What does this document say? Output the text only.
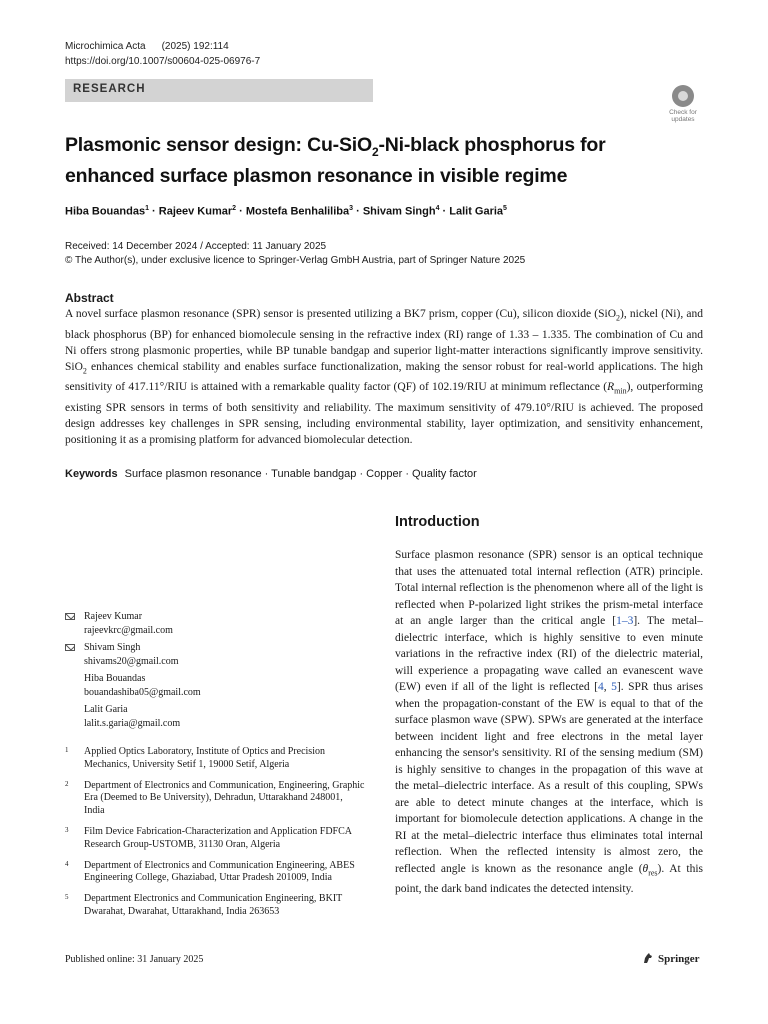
Microchimica Acta (2025) 192:114
https://doi.org/10.1007/s00604-025-06976-7
RESEARCH
Check for
updates
Plasmonic sensor design: Cu-SiO$_2$-Ni-black phosphorus for enhanced surface plasmon resonance in visible regime
Hiba Bouandas$^1$ · Rajeev Kumar$^2$ · Mostefa Benhaliliba$^3$ · Shivam Singh$^4$ · Lalit Garia$^5$
Received: 14 December 2024 / Accepted: 11 January 2025
© The Author(s), under exclusive licence to Springer-Verlag GmbH Austria, part of Springer Nature 2025
Abstract
A novel surface plasmon resonance (SPR) sensor is presented utilizing a BK7 prism, copper (Cu), silicon dioxide (SiO$_2$), nickel (Ni), and black phosphorus (BP) for enhanced biomolecule sensing in the refractive index (RI) range of 1.33 – 1.335. The combination of Cu and Ni offers strong plasmonic properties, while BP tunable bandgap and superior light-matter interactions significantly improve sensitivity. SiO$_2$ enhances chemical stability and enables surface functionalization, making the sensor robust for real-world applications. The high sensitivity of 417.11°/RIU is attained with a remarkable quality factor (QF) of 102.19/RIU at minimum reflectance $(R_{min})$, outperforming existing SPR sensors in terms of both sensitivity and reliability. The maximum sensitivity of 479.10°/RIU is achieved. The proposed design addresses key challenges in SPR sensing, including environmental stability, layer optimization, and sensitivity enhancement, positioning it as a promising platform for advanced biomolecular detection.
Keywords Surface plasmon resonance · Tunable bandgap · Copper · Quality factor
Introduction
Surface plasmon resonance (SPR) sensor is an optical technique that uses the attenuated total internal reflection (ATR) principle. Total internal reflection is the phenomenon where all of the light is reflected when P-polarized light strikes the prism-metal interface at an angle larger than the critical angle [1–3]. The metal–dielectric interface, which is highly sensitive to even minute variations in the refractive index (RI) of the dielectric material, will experience a propagating wave called an evanescent wave (EW) even if all of the light is reflected [4, 5]. SPR thus arises when the propagation-constant of the EW is equal to that of the surface plasmon wave (SPW). SPWs are generated at the interface between incident light and free electrons in the metal layer enhancing the sensor's sensitivity. RI of the sensing medium (SM) is highly sensitive to changes in the propagation of this wave at the metal–dielectric interface. As a result of this coupling, SPWs are able to detect minute changes at the interface, which is important for biomolecule detection applications. A change in the RI at the metal–dielectric interface thus eliminates total internal reflection. When the reflected intensity is almost zero, the reflected angle is known as the resonance angle $(\theta_{res})$. At this point, the dark band indicates the detected intensity.
Rajeev Kumar
rajeevkrc@gmail.com
Shivam Singh
shivams20@gmail.com
Hiba Bouandas
bouandashiba05@gmail.com
Lalit Garia
lalit.s.garia@gmail.com
1 Applied Optics Laboratory, Institute of Optics and Precision Mechanics, University Setif 1, 19000 Setif, Algeria
2 Department of Electronics and Communication, Engineering, Graphic Era (Deemed to Be University), Dehradun, Uttarakhand 248001, India
3 Film Device Fabrication-Characterization and Application FDFCA Research Group-USTOMB, 31130 Oran, Algeria
4 Department of Electronics and Communication Engineering, ABES Engineering College, Ghaziabad, Uttar Pradesh 201009, India
5 Department Electronics and Communication Engineering, BKIT Dwarahat, Dwarahat, Uttarakhand, India 263653
Published online: 31 January 2025	Springer
